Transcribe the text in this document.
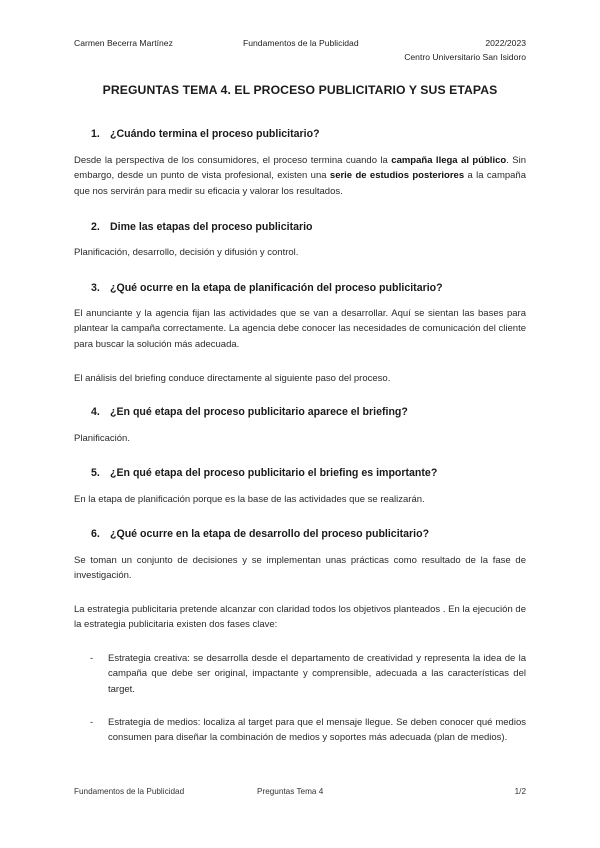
Carmen Becerra Martínez	Fundamentos de la Publicidad	2022/2023
Centro Universitario San Isidoro
PREGUNTAS TEMA 4. EL PROCESO PUBLICITARIO Y SUS ETAPAS
1. ¿Cuándo termina el proceso publicitario?
Desde la perspectiva de los consumidores, el proceso termina cuando la campaña llega al público. Sin embargo, desde un punto de vista profesional, existen una serie de estudios posteriores a la campaña que nos servirán para medir su eficacia y valorar los resultados.
2. Dime las etapas del proceso publicitario
Planificación, desarrollo, decisión y difusión y control.
3. ¿Qué ocurre en la etapa de planificación del proceso publicitario?
El anunciante y la agencia fijan las actividades que se van a desarrollar. Aquí se sientan las bases para plantear la campaña correctamente. La agencia debe conocer las necesidades de comunicación del cliente para buscar la solución más adecuada.
El análisis del briefing conduce directamente al siguiente paso del proceso.
4. ¿En qué etapa del proceso publicitario aparece el briefing?
Planificación.
5. ¿En qué etapa del proceso publicitario el briefing es importante?
En la etapa de planificación porque es la base de las actividades que se realizarán.
6. ¿Qué ocurre en la etapa de desarrollo del proceso publicitario?
Se toman un conjunto de decisiones y se implementan unas prácticas como resultado de la fase de investigación.
La estrategia publicitaria pretende alcanzar con claridad todos los objetivos planteados . En la ejecución de la estrategia publicitaria existen dos fases clave:
- Estrategia creativa: se desarrolla desde el departamento de creatividad y representa la idea de la campaña que debe ser original, impactante y comprensible, adecuada a las características del target.
- Estrategia de medios: localiza al target para que el mensaje llegue. Se deben conocer qué medios consumen para diseñar la combinación de medios y soportes más adecuada (plan de medios).
Fundamentos de la Publicidad	Preguntas Tema 4	1/2
